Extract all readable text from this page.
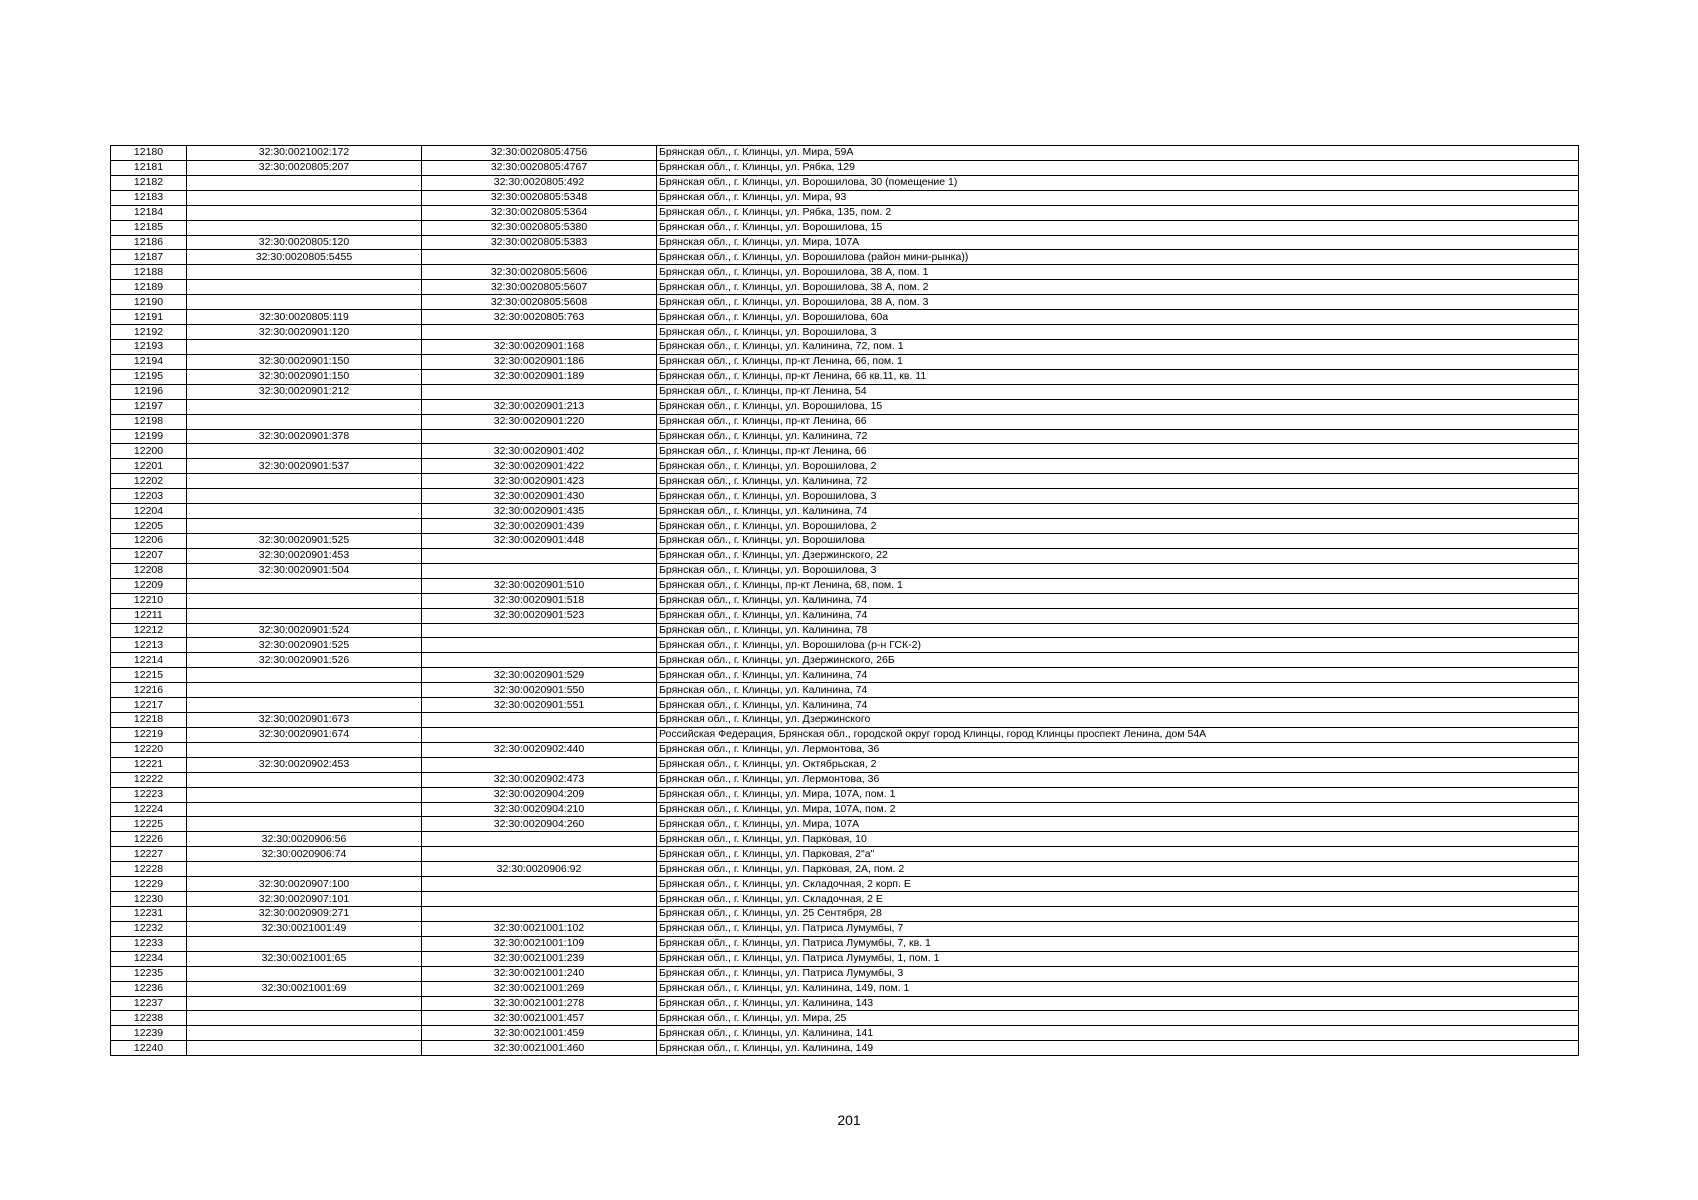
12180	32:30:0021002:172	32:30:0020805:4756	Брянская обл., г. Клинцы, ул. Мира, 59А
12181	32:30:0020805:207	32:30:0020805:4767	Брянская обл., г. Клинцы, ул. Рябка, 129
12182		32:30:0020805:492	Брянская обл., г. Клинцы, ул. Ворошилова, 30 (помещение 1)
12183		32:30:0020805:5348	Брянская обл., г. Клинцы, ул. Мира, 93
12184		32:30:0020805:5364	Брянская обл., г. Клинцы, ул. Рябка, 135, пом. 2
12185		32:30:0020805:5380	Брянская обл., г. Клинцы, ул. Ворошилова, 15
12186	32:30:0020805:120	32:30:0020805:5383	Брянская обл., г. Клинцы, ул. Мира, 107А
12187	32:30:0020805:5455		Брянская обл., г. Клинцы, ул. Ворошилова (район мини-рынка))
12188		32:30:0020805:5606	Брянская обл., г. Клинцы, ул. Ворошилова, 38 А, пом. 1
12189		32:30:0020805:5607	Брянская обл., г. Клинцы, ул. Ворошилова, 38 А, пом. 2
12190		32:30:0020805:5608	Брянская обл., г. Клинцы, ул. Ворошилова, 38 А, пом. 3
12191	32:30:0020805:119	32:30:0020805:763	Брянская обл., г. Клинцы, ул. Ворошилова, 60а
12192	32:30:0020901:120		Брянская обл., г. Клинцы, ул. Ворошилова, 3
12193		32:30:0020901:168	Брянская обл., г. Клинцы, ул. Калинина, 72, пом. 1
12194	32:30:0020901:150	32:30:0020901:186	Брянская обл., г. Клинцы, пр-кт Ленина, 66, пом. 1
12195	32:30:0020901:150	32:30:0020901:189	Брянская обл., г. Клинцы, пр-кт Ленина, 66 кв.11, кв. 11
12196	32:30:0020901:212		Брянская обл., г. Клинцы, пр-кт Ленина, 54
12197		32:30:0020901:213	Брянская обл., г. Клинцы, ул. Ворошилова, 15
12198		32:30:0020901:220	Брянская обл., г. Клинцы, пр-кт Ленина, 66
12199	32:30:0020901:378		Брянская обл., г. Клинцы, ул. Калинина, 72
12200		32:30:0020901:402	Брянская обл., г. Клинцы, пр-кт Ленина, 66
12201	32:30:0020901:537	32:30:0020901:422	Брянская обл., г. Клинцы, ул. Ворошилова, 2
12202		32:30:0020901:423	Брянская обл., г. Клинцы, ул. Калинина, 72
12203		32:30:0020901:430	Брянская обл., г. Клинцы, ул. Ворошилова, 3
12204		32:30:0020901:435	Брянская обл., г. Клинцы, ул. Калинина, 74
12205		32:30:0020901:439	Брянская обл., г. Клинцы, ул. Ворошилова, 2
12206	32:30:0020901:525	32:30:0020901:448	Брянская обл., г. Клинцы, ул. Ворошилова
12207	32:30:0020901:453		Брянская обл., г. Клинцы, ул. Дзержинского, 22
12208	32:30:0020901:504		Брянская обл., г. Клинцы, ул. Ворошилова, 3
12209		32:30:0020901:510	Брянская обл., г. Клинцы, пр-кт Ленина, 68, пом. 1
12210		32:30:0020901:518	Брянская обл., г. Клинцы, ул. Калинина, 74
12211		32:30:0020901:523	Брянская обл., г. Клинцы, ул. Калинина, 74
12212	32:30:0020901:524		Брянская обл., г. Клинцы, ул. Калинина, 78
12213	32:30:0020901:525		Брянская обл., г. Клинцы, ул. Ворошилова (р-н ГСК-2)
12214	32:30:0020901:526		Брянская обл., г. Клинцы, ул. Дзержинского, 26Б
12215		32:30:0020901:529	Брянская обл., г. Клинцы, ул. Калинина, 74
12216		32:30:0020901:550	Брянская обл., г. Клинцы, ул. Калинина, 74
12217		32:30:0020901:551	Брянская обл., г. Клинцы, ул. Калинина, 74
12218	32:30:0020901:673		Брянская обл., г. Клинцы, ул. Дзержинского
12219	32:30:0020901:674		Российская Федерация, Брянская обл., городской округ город Клинцы, город Клинцы проспект Ленина, дом 54А
12220		32:30:0020902:440	Брянская обл., г. Клинцы, ул. Лермонтова, 36
12221	32:30:0020902:453		Брянская обл., г. Клинцы, ул. Октябрьская, 2
12222		32:30:0020902:473	Брянская обл., г. Клинцы, ул. Лермонтова, 36
12223		32:30:0020904:209	Брянская обл., г. Клинцы, ул. Мира, 107А, пом. 1
12224		32:30:0020904:210	Брянская обл., г. Клинцы, ул. Мира, 107А, пом. 2
12225		32:30:0020904:260	Брянская обл., г. Клинцы, ул. Мира, 107А
12226	32:30:0020906:56		Брянская обл., г. Клинцы, ул. Парковая, 10
12227	32:30:0020906:74		Брянская обл., г. Клинцы, ул. Парковая, 2"а"
12228		32:30:0020906:92	Брянская обл., г. Клинцы, ул. Парковая, 2А, пом. 2
12229	32:30:0020907:100		Брянская обл., г. Клинцы, ул. Складочная, 2 корп. Е
12230	32:30:0020907:101		Брянская обл., г. Клинцы, ул. Складочная, 2 Е
12231	32:30:0020909:271		Брянская обл., г. Клинцы, ул. 25 Сентября, 28
12232	32:30:0021001:49	32:30:0021001:102	Брянская обл., г. Клинцы, ул. Патриса Лумумбы, 7
12233		32:30:0021001:109	Брянская обл., г. Клинцы, ул. Патриса Лумумбы, 7, кв. 1
12234	32:30:0021001:65	32:30:0021001:239	Брянская обл., г. Клинцы, ул. Патриса Лумумбы, 1, пом. 1
12235		32:30:0021001:240	Брянская обл., г. Клинцы, ул. Патриса Лумумбы, 3
12236	32:30:0021001:69	32:30:0021001:269	Брянская обл., г. Клинцы, ул. Калинина, 149, пом. 1
12237		32:30:0021001:278	Брянская обл., г. Клинцы, ул. Калинина, 143
12238		32:30:0021001:457	Брянская обл., г. Клинцы, ул. Мира, 25
12239		32:30:0021001:459	Брянская обл., г. Клинцы, ул. Калинина, 141
12240		32:30:0021001:460	Брянская обл., г. Клинцы, ул. Калинина, 149
201
